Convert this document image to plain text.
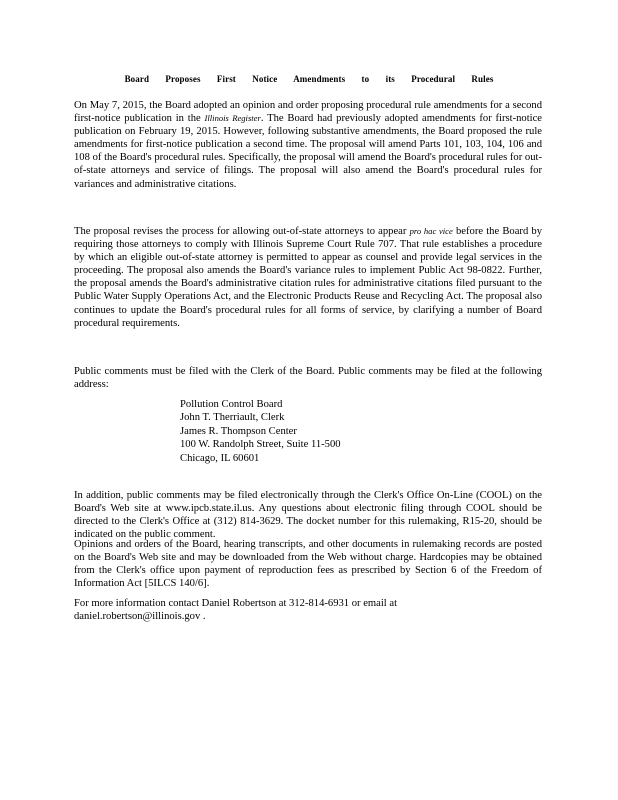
Board Proposes First Notice Amendments to its Procedural Rules
On May 7, 2015, the Board adopted an opinion and order proposing procedural rule amendments for a second first-notice publication in the Illinois Register. The Board had previously adopted amendments for first-notice publication on February 19, 2015. However, following substantive amendments, the Board proposed the rule amendments for first-notice publication a second time. The proposal will amend Parts 101, 103, 104, 106 and 108 of the Board's procedural rules. Specifically, the proposal will amend the Board's procedural rules for out-of-state attorneys and service of filings. The proposal will also amend the Board's procedural rules for variances and administrative citations.
The proposal revises the process for allowing out-of-state attorneys to appear pro hac vice before the Board by requiring those attorneys to comply with Illinois Supreme Court Rule 707. That rule establishes a procedure by which an eligible out-of-state attorney is permitted to appear as counsel and provide legal services in the proceeding. The proposal also amends the Board's variance rules to implement Public Act 98-0822. Further, the proposal amends the Board's administrative citation rules for administrative citations filed pursuant to the Public Water Supply Operations Act, and the Electronic Products Reuse and Recycling Act. The proposal also continues to update the Board's procedural rules for all forms of service, by clarifying a number of Board procedural requirements.
Public comments must be filed with the Clerk of the Board. Public comments may be filed at the following address:
Pollution Control Board
John T. Therriault, Clerk
James R. Thompson Center
100 W. Randolph Street, Suite 11-500
Chicago, IL 60601
In addition, public comments may be filed electronically through the Clerk's Office On-Line (COOL) on the Board's Web site at www.ipcb.state.il.us. Any questions about electronic filing through COOL should be directed to the Clerk's Office at (312) 814-3629. The docket number for this rulemaking, R15-20, should be indicated on the public comment.
Opinions and orders of the Board, hearing transcripts, and other documents in rulemaking records are posted on the Board's Web site and may be downloaded from the Web without charge. Hardcopies may be obtained from the Clerk's office upon payment of reproduction fees as prescribed by Section 6 of the Freedom of Information Act [5ILCS 140/6].
For more information contact Daniel Robertson at 312-814-6931 or email at
daniel.robertson@illinois.gov .
